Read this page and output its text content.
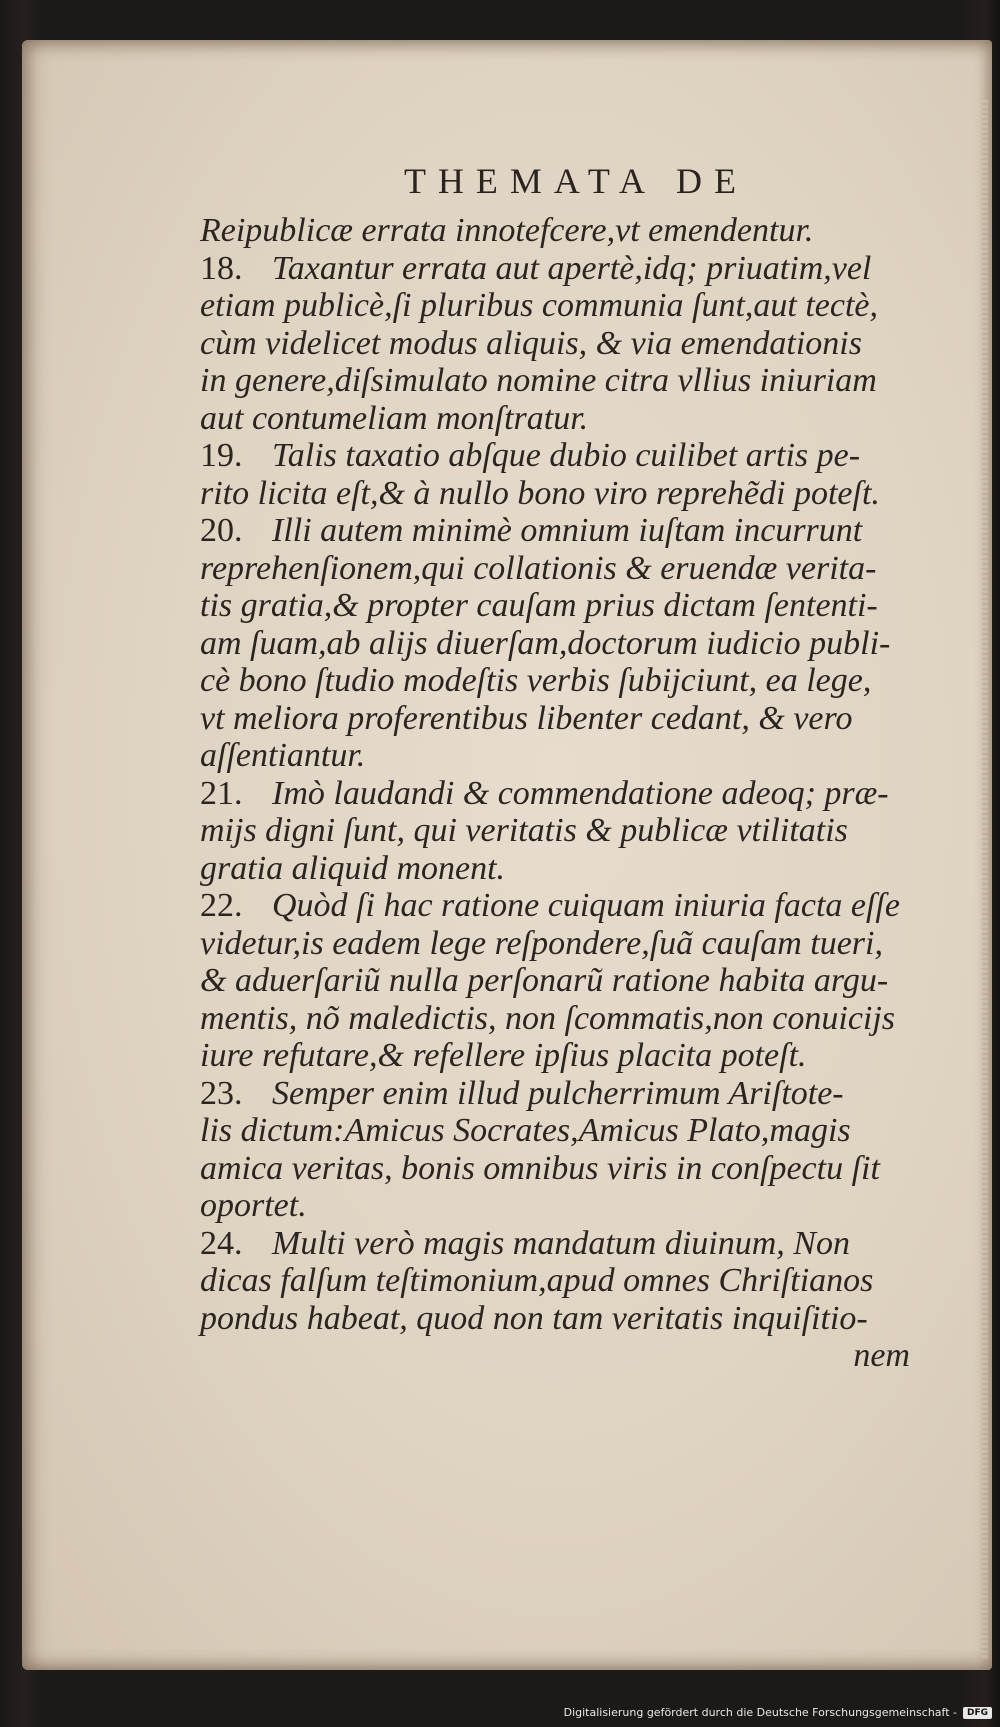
THEMATA DE
Reipublicæ errata innotefcere,vt emendentur.
18. Taxantur errata aut apertè,idq; priuatim,vel
etiam publicè,ſi pluribus communia ſunt,aut tectè,
cùm videlicet modus aliquis, & via emendationis
in genere,diſsimulato nomine citra vllius iniuriam
aut contumeliam monſtratur.
19. Talis taxatio abſque dubio cuilibet artis pe-
rito licita eſt,& à nullo bono viro reprehẽdi poteſt.
20. Illi autem minimè omnium iuſtam incurrunt
reprehenſionem,qui collationis & eruendæ verita-
tis gratia,& propter cauſam prius dictam ſententi-
am ſuam,ab alijs diuerſam,doctorum iudicio publi-
cè bono ſtudio modeſtis verbis ſubijciunt, ea lege,
vt meliora proferentibus libenter cedant, & vero
aſſentiantur.
21. Imò laudandi & commendatione adeoq; præ-
mijs digni ſunt, qui veritatis & publicæ vtilitatis
gratia aliquid monent.
22. Quòd ſi hac ratione cuiquam iniuria facta eſſe
videtur,is eadem lege reſpondere,ſuã cauſam tueri,
& aduerſariũ nulla perſonarũ ratione habita argu-
mentis, nõ maledictis, non ſcommatis,non conuicijs
iure refutare,& refellere ipſius placita poteſt.
23. Semper enim illud pulcherrimum Ariſtote-
lis dictum:Amicus Socrates,Amicus Plato,magis
amica veritas, bonis omnibus viris in conſpectu ſit
oportet.
24. Multi verò magis mandatum diuinum, Non
dicas falſum teſtimonium,apud omnes Chriſtianos
pondus habeat, quod non tam veritatis inquiſitio-
nem
Digitalisierung gefördert durch die Deutsche Forschungsgemeinschaft -	DFG
